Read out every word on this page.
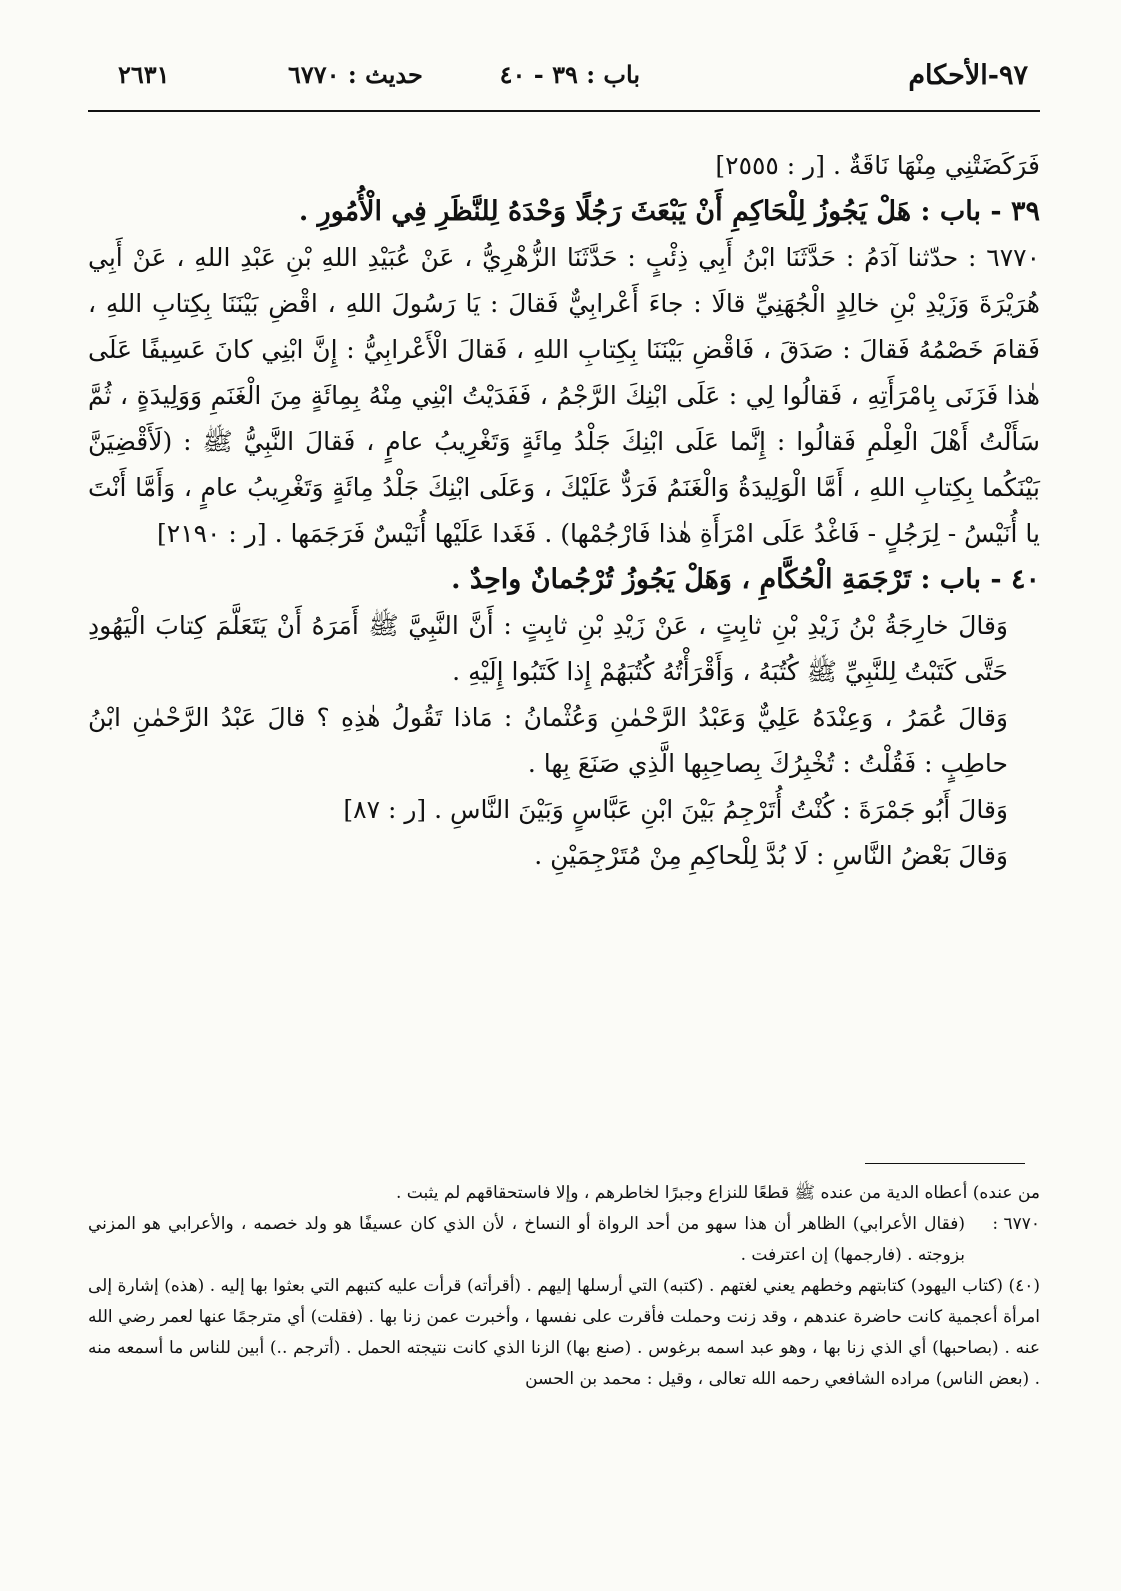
٩٧-الأحكام
باب : ٣٩ - ٤٠
حديث : ٦٧٧٠
٢٦٣١

فَرَكَضَتْنِي مِنْهَا نَاقَةٌ . [ر : ٢٥٥٥]

٣٩ - باب : هَلْ يَجُوزُ لِلْحَاكِمِ أَنْ يَبْعَثَ رَجُلًا وَحْدَهُ لِلنَّظَرِ فِي الْأُمُورِ .

٦٧٧٠ : حدّثنا آدَمُ : حَدَّثَنَا ابْنُ أَبِي ذِئْبٍ : حَدَّثَنَا الزُّهْرِيُّ ، عَنْ عُبَيْدِ اللهِ بْنِ عَبْدِ اللهِ ، عَنْ أَبِي هُرَيْرَةَ وَزَيْدِ بْنِ خالِدٍ الْجُهَنِيِّ قالَا : جاءَ أَعْرابِيٌّ فَقالَ : يَا رَسُولَ اللهِ ، اقْضِ بَيْنَنَا بِكِتابِ اللهِ ، فَقامَ خَصْمُهُ فَقالَ : صَدَقَ ، فَاقْضِ بَيْنَنَا بِكِتابِ اللهِ ، فَقالَ الْأَعْرابِيُّ : إِنَّ ابْنِي كانَ عَسِيفًا عَلَى هٰذا فَزَنَى بِامْرَأَتِهِ ، فَقالُوا لِي : عَلَى ابْنِكَ الرَّجْمُ ، فَفَدَيْتُ ابْنِي مِنْهُ بِمِائَةٍ مِنَ الْغَنَمِ وَوَلِيدَةٍ ، ثُمَّ سَأَلْتُ أَهْلَ الْعِلْمِ فَقالُوا : إِنَّما عَلَى ابْنِكَ جَلْدُ مِائَةٍ وَتَغْرِيبُ عامٍ ، فَقالَ النَّبِيُّ ﷺ : (لَأَقْضِيَنَّ بَيْنَكُما بِكِتابِ اللهِ ، أَمَّا الْوَلِيدَةُ وَالْغَنَمُ فَرَدٌّ عَلَيْكَ ، وَعَلَى ابْنِكَ جَلْدُ مِائَةٍ وَتَغْرِيبُ عامٍ ، وَأَمَّا أَنْتَ يا أُنَيْسُ - لِرَجُلٍ - فَاغْدُ عَلَى امْرَأَةِ هٰذا فَارْجُمْها) . فَغَدا عَلَيْها أُنَيْسٌ فَرَجَمَها . [ر : ٢١٩٠]

٤٠ - باب : تَرْجَمَةِ الْحُكَّامِ ، وَهَلْ يَجُوزُ تُرْجُمانٌ واحِدٌ .

وَقالَ خارِجَةُ بْنُ زَيْدِ بْنِ ثابِتٍ ، عَنْ زَيْدِ بْنِ ثابِتٍ : أَنَّ النَّبِيَّ ﷺ أَمَرَهُ أَنْ يَتَعَلَّمَ كِتابَ الْيَهُودِ حَتَّى كَتَبْتُ لِلنَّبِيِّ ﷺ كُتُبَهُ ، وَأَقْرَأْتُهُ كُتُبَهُمْ إِذا كَتَبُوا إِلَيْهِ .

وَقالَ عُمَرُ ، وَعِنْدَهُ عَلِيٌّ وَعَبْدُ الرَّحْمٰنِ وَعُثْمانُ : مَاذا تَقُولُ هٰذِهِ ؟ قالَ عَبْدُ الرَّحْمٰنِ ابْنُ حاطِبٍ : فَقُلْتُ : تُخْبِرُكَ بِصاحِبِها الَّذِي صَنَعَ بِها .

وَقالَ أَبُو جَمْرَةَ : كُنْتُ أُتَرْجِمُ بَيْنَ ابْنِ عَبَّاسٍ وَبَيْنَ النَّاسِ . [ر : ٨٧]

وَقالَ بَعْضُ النَّاسِ : لَا بُدَّ لِلْحاكِمِ مِنْ مُتَرْجِمَيْنِ .

من عنده) أعطاه الدية من عنده ﷺ قطعًا للنزاع وجبرًا لخاطرهم ، وإلا فاستحقاقهم لم يثبت .

٦٧٧٠ :
(فقال الأعرابي) الظاهر أن هذا سهو من أحد الرواة أو النساخ ، لأن الذي كان عسيفًا هو ولد خصمه ، والأعرابي هو المزني بزوجته . (فارجمها) إن اعترفت .

(٤٠) (كتاب اليهود) كتابتهم وخطهم يعني لغتهم . (كتبه) التي أرسلها إليهم . (أقرأته) قرأت عليه كتبهم التي بعثوا بها إليه . (هذه) إشارة إلى امرأة أعجمية كانت حاضرة عندهم ، وقد زنت وحملت فأقرت على نفسها ، وأخبرت عمن زنا بها . (فقلت) أي مترجمًا عنها لعمر رضي الله عنه . (بصاحبها) أي الذي زنا بها ، وهو عبد اسمه برغوس . (صنع بها) الزنا الذي كانت نتيجته الحمل . (أترجم ..) أبين للناس ما أسمعه منه . (بعض الناس) مراده الشافعي رحمه الله تعالى ، وقيل : محمد بن الحسن
